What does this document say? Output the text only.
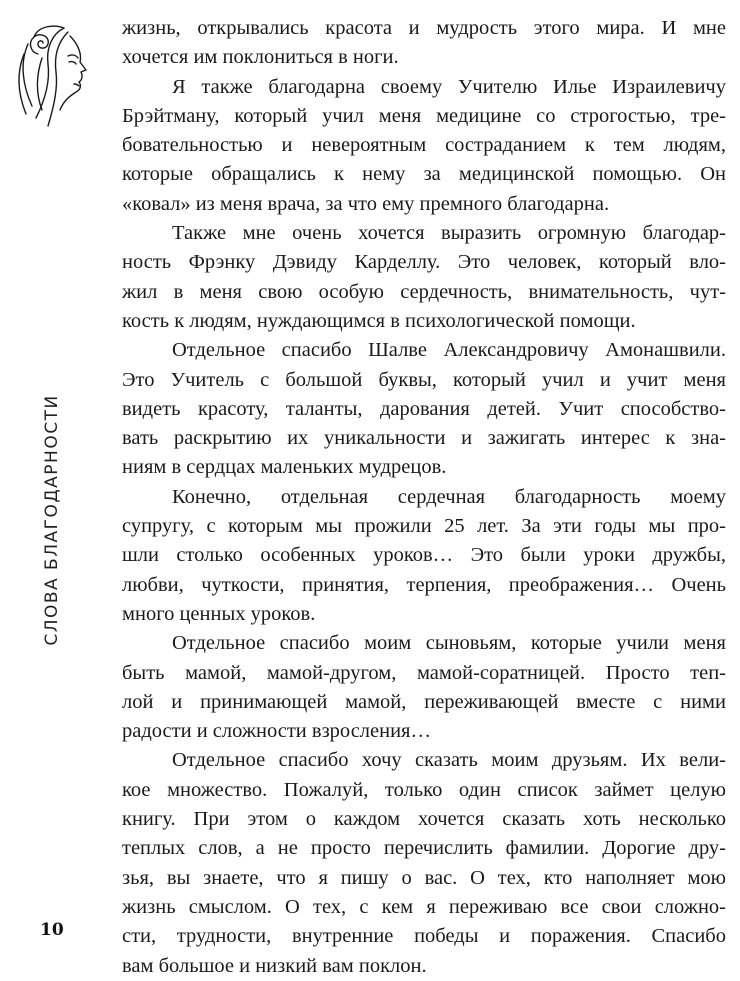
СЛОВА БЛАГОДАРНОСТИ
10
жизнь, открывались красота и мудрость этого мира. И мне
хочется им поклониться в ноги.
Я также благодарна своему Учителю Илье Израилевичу
Брэйтману, который учил меня медицине со строгостью, тре-
бовательностью и невероятным состраданием к тем людям,
которые обращались к нему за медицинской помощью. Он
«ковал» из меня врача, за что ему премного благодарна.
Также мне очень хочется выразить огромную благодар-
ность Фрэнку Дэвиду Карделлу. Это человек, который вло-
жил в меня свою особую сердечность, внимательность, чут-
кость к людям, нуждающимся в психологической помощи.
Отдельное спасибо Шалве Александровичу Амонашвили.
Это Учитель с большой буквы, который учил и учит меня
видеть красоту, таланты, дарования детей. Учит способство-
вать раскрытию их уникальности и зажигать интерес к зна-
ниям в сердцах маленьких мудрецов.
Конечно, отдельная сердечная благодарность моему
супругу, с которым мы прожили 25 лет. За эти годы мы про-
шли столько особенных уроков… Это были уроки дружбы,
любви, чуткости, принятия, терпения, преображения… Очень
много ценных уроков.
Отдельное спасибо моим сыновьям, которые учили меня
быть мамой, мамой-другом, мамой-соратницей. Просто теп-
лой и принимающей мамой, переживающей вместе с ними
радости и сложности взросления…
Отдельное спасибо хочу сказать моим друзьям. Их вели-
кое множество. Пожалуй, только один список займет целую
книгу. При этом о каждом хочется сказать хоть несколько
теплых слов, а не просто перечислить фамилии. Дорогие дру-
зья, вы знаете, что я пишу о вас. О тех, кто наполняет мою
жизнь смыслом. О тех, с кем я переживаю все свои сложно-
сти, трудности, внутренние победы и поражения. Спасибо
вам большое и низкий вам поклон.
